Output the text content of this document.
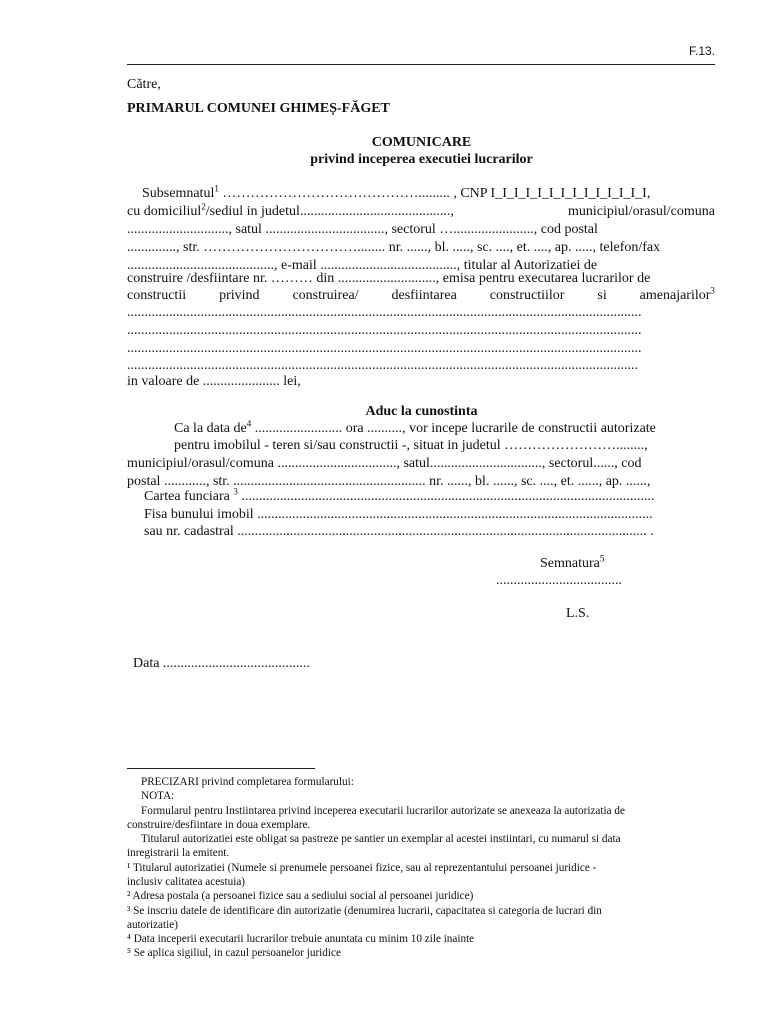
F.13.
Către,
PRIMARUL COMUNEI GHIMEȘ-FĂGET
COMUNICARE
privind inceperea executiei lucrarilor
Subsemnatul$^1$ ……………………………………......... , CNP I_I_I_I_I_I_I_I_I_I_I_I_I_I,
cu domiciliul$^2$/sediul in judetul...........................................,	municipiul/orasul/comuna
............................., satul .................................., sectorul …......................., cod postal
.............., str. ……………………………........ nr. ......, bl. ....., sc. ...., et. ...., ap. ....., telefon/fax
.........................................., e-mail ......................................., titular al Autorizatiei de
construire /desfiintare nr. ……… din ............................, emisa pentru executarea lucrarilor de
constructii privind construirea/ desfiintarea constructiilor si amenajarilor$^3$
...................................................................................................................................................
...................................................................................................................................................
...................................................................................................................................................
..................................................................................................................................................
in valoare de ...................... lei,
Aduc la cunostinta
Ca la data $de^4$ ......................... ora .........., vor incepe lucrarile de constructii autorizate
pentru imobilul - teren si/sau constructii -, situat in judetul ……………………........,
municipiul/orasul/comuna .................................., satul................................, sectorul......, cod
postal ............, str. ....................................................... nr. ......, bl. ......, sc. ...., et. ......, ap. ......,
Cartea funciara $^3$ ......................................................................................................................
Fisa bunului imobil .................................................................................................................
sau nr. cadastral ..................................................................................................................... .
Semnatura$^5$
....................................
L.S.
Data ..........................................
PRECIZARI privind completarea formularului:
NOTA:
Formularul pentru Instiintarea privind inceperea executarii lucrarilor autorizate se anexeaza la autorizatia de
construire/desfiintare in doua exemplare.
Titularul autorizatiei este obligat sa pastreze pe santier un exemplar al acestei instiintari, cu numarul si data
inregistrarii la emitent.
¹ Titularul autorizatiei (Numele si prenumele persoanei fizice, sau al reprezentantului persoanei juridice -
inclusiv calitatea acestuia)
² Adresa postala (a persoanei fizice sau a sediului social al persoanei juridice)
³ Se inscriu datele de identificare din autorizatie (denumirea lucrarii, capacitatea si categoria de lucrari din
autorizatie)
⁴ Data inceperii executarii lucrarilor trebuie anuntata cu minim 10 zile inainte
⁵ Se aplica sigiliul, in cazul persoanelor juridice
